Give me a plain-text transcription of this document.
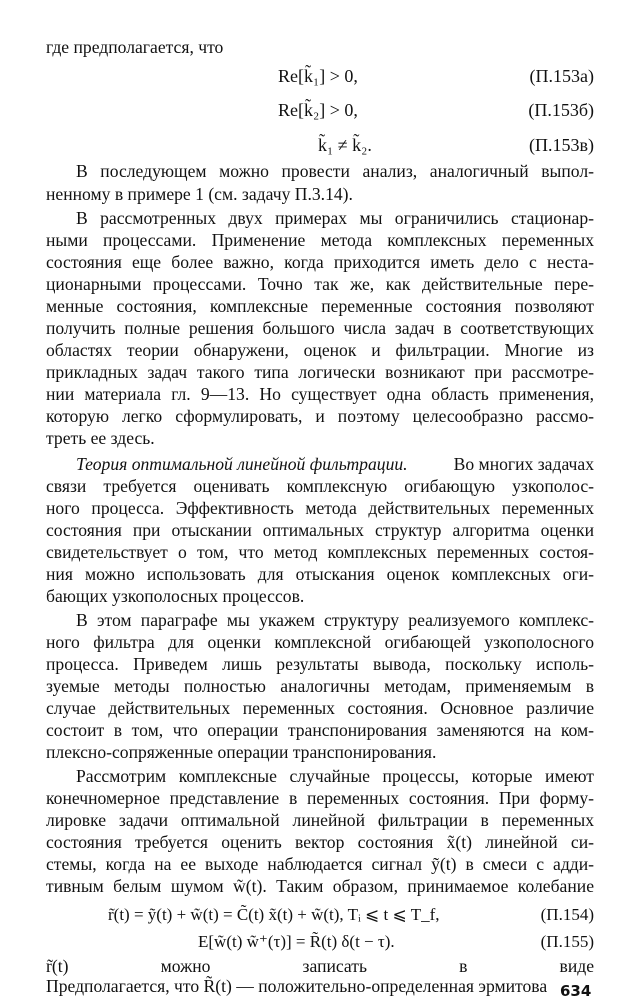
где предполагается, что
Re[k̃₁] > 0,	(П.153а)
Re[k̃₂] > 0,	(П.153б)
k̃₁ ≠ k̃₂.	(П.153в)
В последующем можно провести анализ, аналогичный выпол-
ненному в примере 1 (см. задачу П.3.14).
В рассмотренных двух примерах мы ограничились стационар-
ными процессами. Применение метода комплексных переменных
состояния еще более важно, когда приходится иметь дело с неста-
ционарными процессами. Точно так же, как действительные пере-
менные состояния, комплексные переменные состояния позволяют
получить полные решения большого числа задач в соответствующих
областях теории обнаружени, оценок и фильтрации. Многие из
прикладных задач такого типа логически возникают при рассмотре-
нии материала гл. 9—13. Но существует одна область применения,
которую легко сформулировать, и поэтому целесообразно рассмо-
треть ее здесь.
Теория оптимальной линейной фильтрации.	Во многих задачах
связи требуется оценивать комплексную огибающую узкополос-
ного процесса. Эффективность метода действительных переменных
состояния при отыскании оптимальных структур алгоритма оценки
свидетельствует о том, что метод комплексных переменных состоя-
ния можно использовать для отыскания оценок комплексных оги-
бающих узкополосных процессов.
В этом параграфе мы укажем структуру реализуемого комплекс-
ного фильтра для оценки комплексной огибающей узкополосного
процесса. Приведем лишь результаты вывода, поскольку исполь-
зуемые методы полностью аналогичны методам, применяемым в
случае действительных переменных состояния. Основное различие
состоит в том, что операции транспонирования заменяются на ком-
плексно-сопряженные операции транспонирования.
Рассмотрим комплексные случайные процессы, которые имеют
конечномерное представление в переменных состояния. При форму-
лировке задачи оптимальной линейной фильтрации в переменных
состояния требуется оценить вектор состояния x̃(t) линейной си-
стемы, когда на ее выходе наблюдается сигнал ỹ(t) в смеси с адди-
тивным белым шумом w̃(t). Таким образом, принимаемое колебание
r̃(t) можно записать в виде
634
r̃(t) = ỹ(t) + w̃(t) = C̃(t) x̃(t) + w̃(t), Tᵢ ⩽ t ⩽ T_f,	(П.154)
E[w̃(t) w̃⁺(τ)] = R̃(t) δ(t − τ).	(П.155)
Предполагается, что R̃(t) — положительно-определенная эрмитова
